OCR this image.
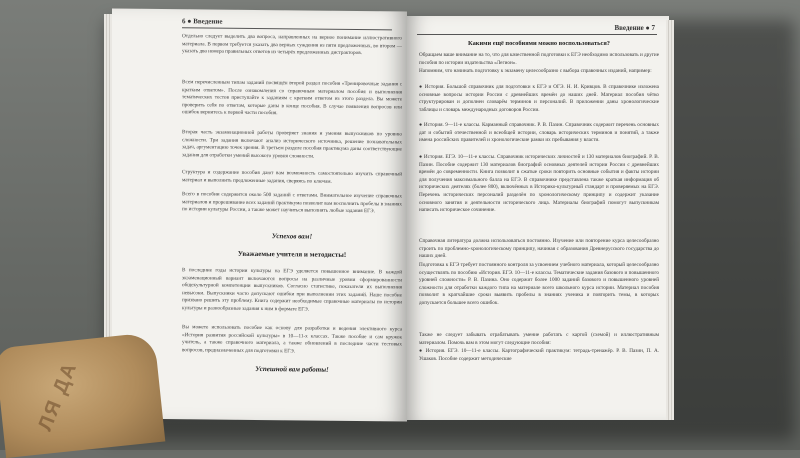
6 ● Введение
Отдельно следует выделить два вопроса, направленных на верное понимание иллюстративного материала. В первом требуется указать два верных суждения из пяти предложенных, во втором — указать два номера правильных ответов из четырёх предложенных дистракторов.
Всем перечисленным типам заданий посвящён второй раздел пособия «Тренировочные задания с кратким ответом». После ознакомления со справочным материалом пособия и выполнения тематических тестов приступайте к заданиям с кратким ответом из этого раздела. Вы можете проверить себя по ответам, которые даны в конце пособия. В случае появления вопросов или ошибок вернитесь к первой части пособия.
Вторая часть экзаменационной работы проверяет знания и умения выпускников по уровню сложности. Три задания включают анализ исторического источника, решение познавательных задач, аргументацию точек зрения. В третьем разделе пособия практикума даны соответствующие задания для отработки умений высокого уровня сложности.
Структура и содержание пособия дают вам возможность самостоятельно изучить справочный материал и выполнить предложенные задания, сверяясь по ключам.
Всего в пособии содержится около 500 заданий с ответами. Внимательное изучение справочных материалов и прорешивание всех заданий практикума позволит вам восполнить пробелы в знаниях по истории культуры России, а также может научиться выполнять любые задания ЕГЭ.
Успехов вам!
Уважаемые учителя и методисты!
В последние годы истории культуры на ЕГЭ уделяется повышенное внимание. В каждой экзаменационный вариант включаются вопросы на различные уровни сформированности общекультурной компетенции выпускников. Согласно статистике, показатели их выполнения невысоки. Выпускники часто допускают ошибки при выполнении этих заданий. Наше пособие призвано решить эту проблему. Книга содержит необходимые справочные материалы по истории культуры и разнообразные задания к ним в формате ЕГЭ.
Вы можете использовать пособие как основу для разработки и ведения элективного курса «История развития российской культуры» в 10—11-х классах. Также пособие и сам кружок учитель, а также справочного материала, а также обновлений в последние части тестовых вопросов, предназначенных для подготовки к ЕГЭ.
Успешной вам работы!
Введение ● 7
Какими ещё пособиями можно воспользоваться?
Обращаем ваше внимание на то, что для качественной подготовки к ЕГЭ необходимо использовать и другие пособия по истории издательства «Легион».
Напомним, что начинать подготовку к экзамену целесообразно с выбора справочных изданий, например:
● История. Большой справочник для подготовки к ЕГЭ и ОГЭ. Н. И. Кривцов. В справочнике изложена основные вопросы истории России с древнейших времён до наших дней. Материал пособия чётко структурирован и дополнен словарём терминов и персоналий. В приложении даны хронологические таблицы и словарь международных договоров России.
● История. 9—11-е классы. Карманный справочник. Р. В. Пазин. Справочник содержит перечень основных дат и событий отечественной и всеобщей истории, словарь исторических терминов и понятий, а также имена российских правителей и хронологические рамки их пребывания у власти.
● История. ЕГЭ. 10—11-е классы. Справочник исторических личностей и 130 материалов биографий. Р. В. Пазин. Пособие содержит 130 материалов биографий основных деятелей истории России с древнейших времён до современности. Книга позволит в сжатые сроки повторить основные события и факты истории для получения максимального балла на ЕГЭ. В справочнике представлена также краткая информация об исторических деятелях (более 800), включённых в Историко-культурный стандарт и проверяемых на ЕГЭ. Перечень исторических персоналий разделён по хронологическому принципу и содержит указание основного занятия и деятельности исторического лица. Материалы биографий помогут выпускникам написать историческое сочинение.
Справочная литература должна использоваться постоянно. Изучение или повторение курса целесообразно строить по проблемно-хронологическому принципу, начиная с образования Древнерусского государства до наших дней.
Подготовка к ЕГЭ требует постоянного контроля за усвоением учебного материала, который целесообразно осуществлять по пособию «История. ЕГЭ. 10—11-е классы. Тематические задания базового и повышенного уровней сложности» Р. В. Пазина. Оно содержит более 1000 заданий базового и повышенного уровней сложности для отработки каждого типа на материале всего школьного курса истории. Материал пособия позволит в кратчайшие сроки выявить пробелы в знаниях ученика и повторить темы, в которых допускается большее всего ошибок.
Также не следует забывать отрабатывать умение работать с картой (схемой) и иллюстративным материалом. Помочь вам в этом могут следующие пособия:
● История. ЕГЭ. 10—11-е классы. Картографический практикум: тетрадь-тренажёр. Р. В. Пазин, П. А. Ушаков. Пособие содержит методические
ЛЯ ДА
